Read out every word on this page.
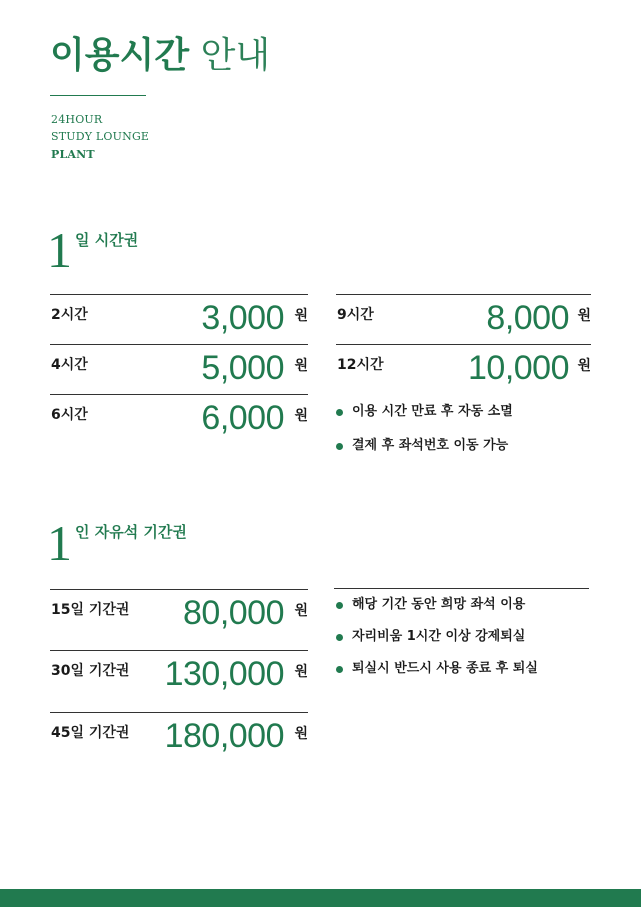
이용시간 안내
24HOUR
STUDY LOUNGE
PLANT
1 일 시간권
2시간	3,000 원
4시간	5,000 원
6시간	6,000 원
9시간	8,000 원
12시간 10,000 원
이용 시간 만료 후 자동 소멸
결제 후 좌석번호 이동 가능
1 인 자유석 기간권
15일 기간권 80,000 원
30일 기간권 130,000 원
45일 기간권 180,000 원
해당 기간 동안 희망 좌석 이용
자리비움 1시간 이상 강제퇴실
퇴실시 반드시 사용 종료 후 퇴실
